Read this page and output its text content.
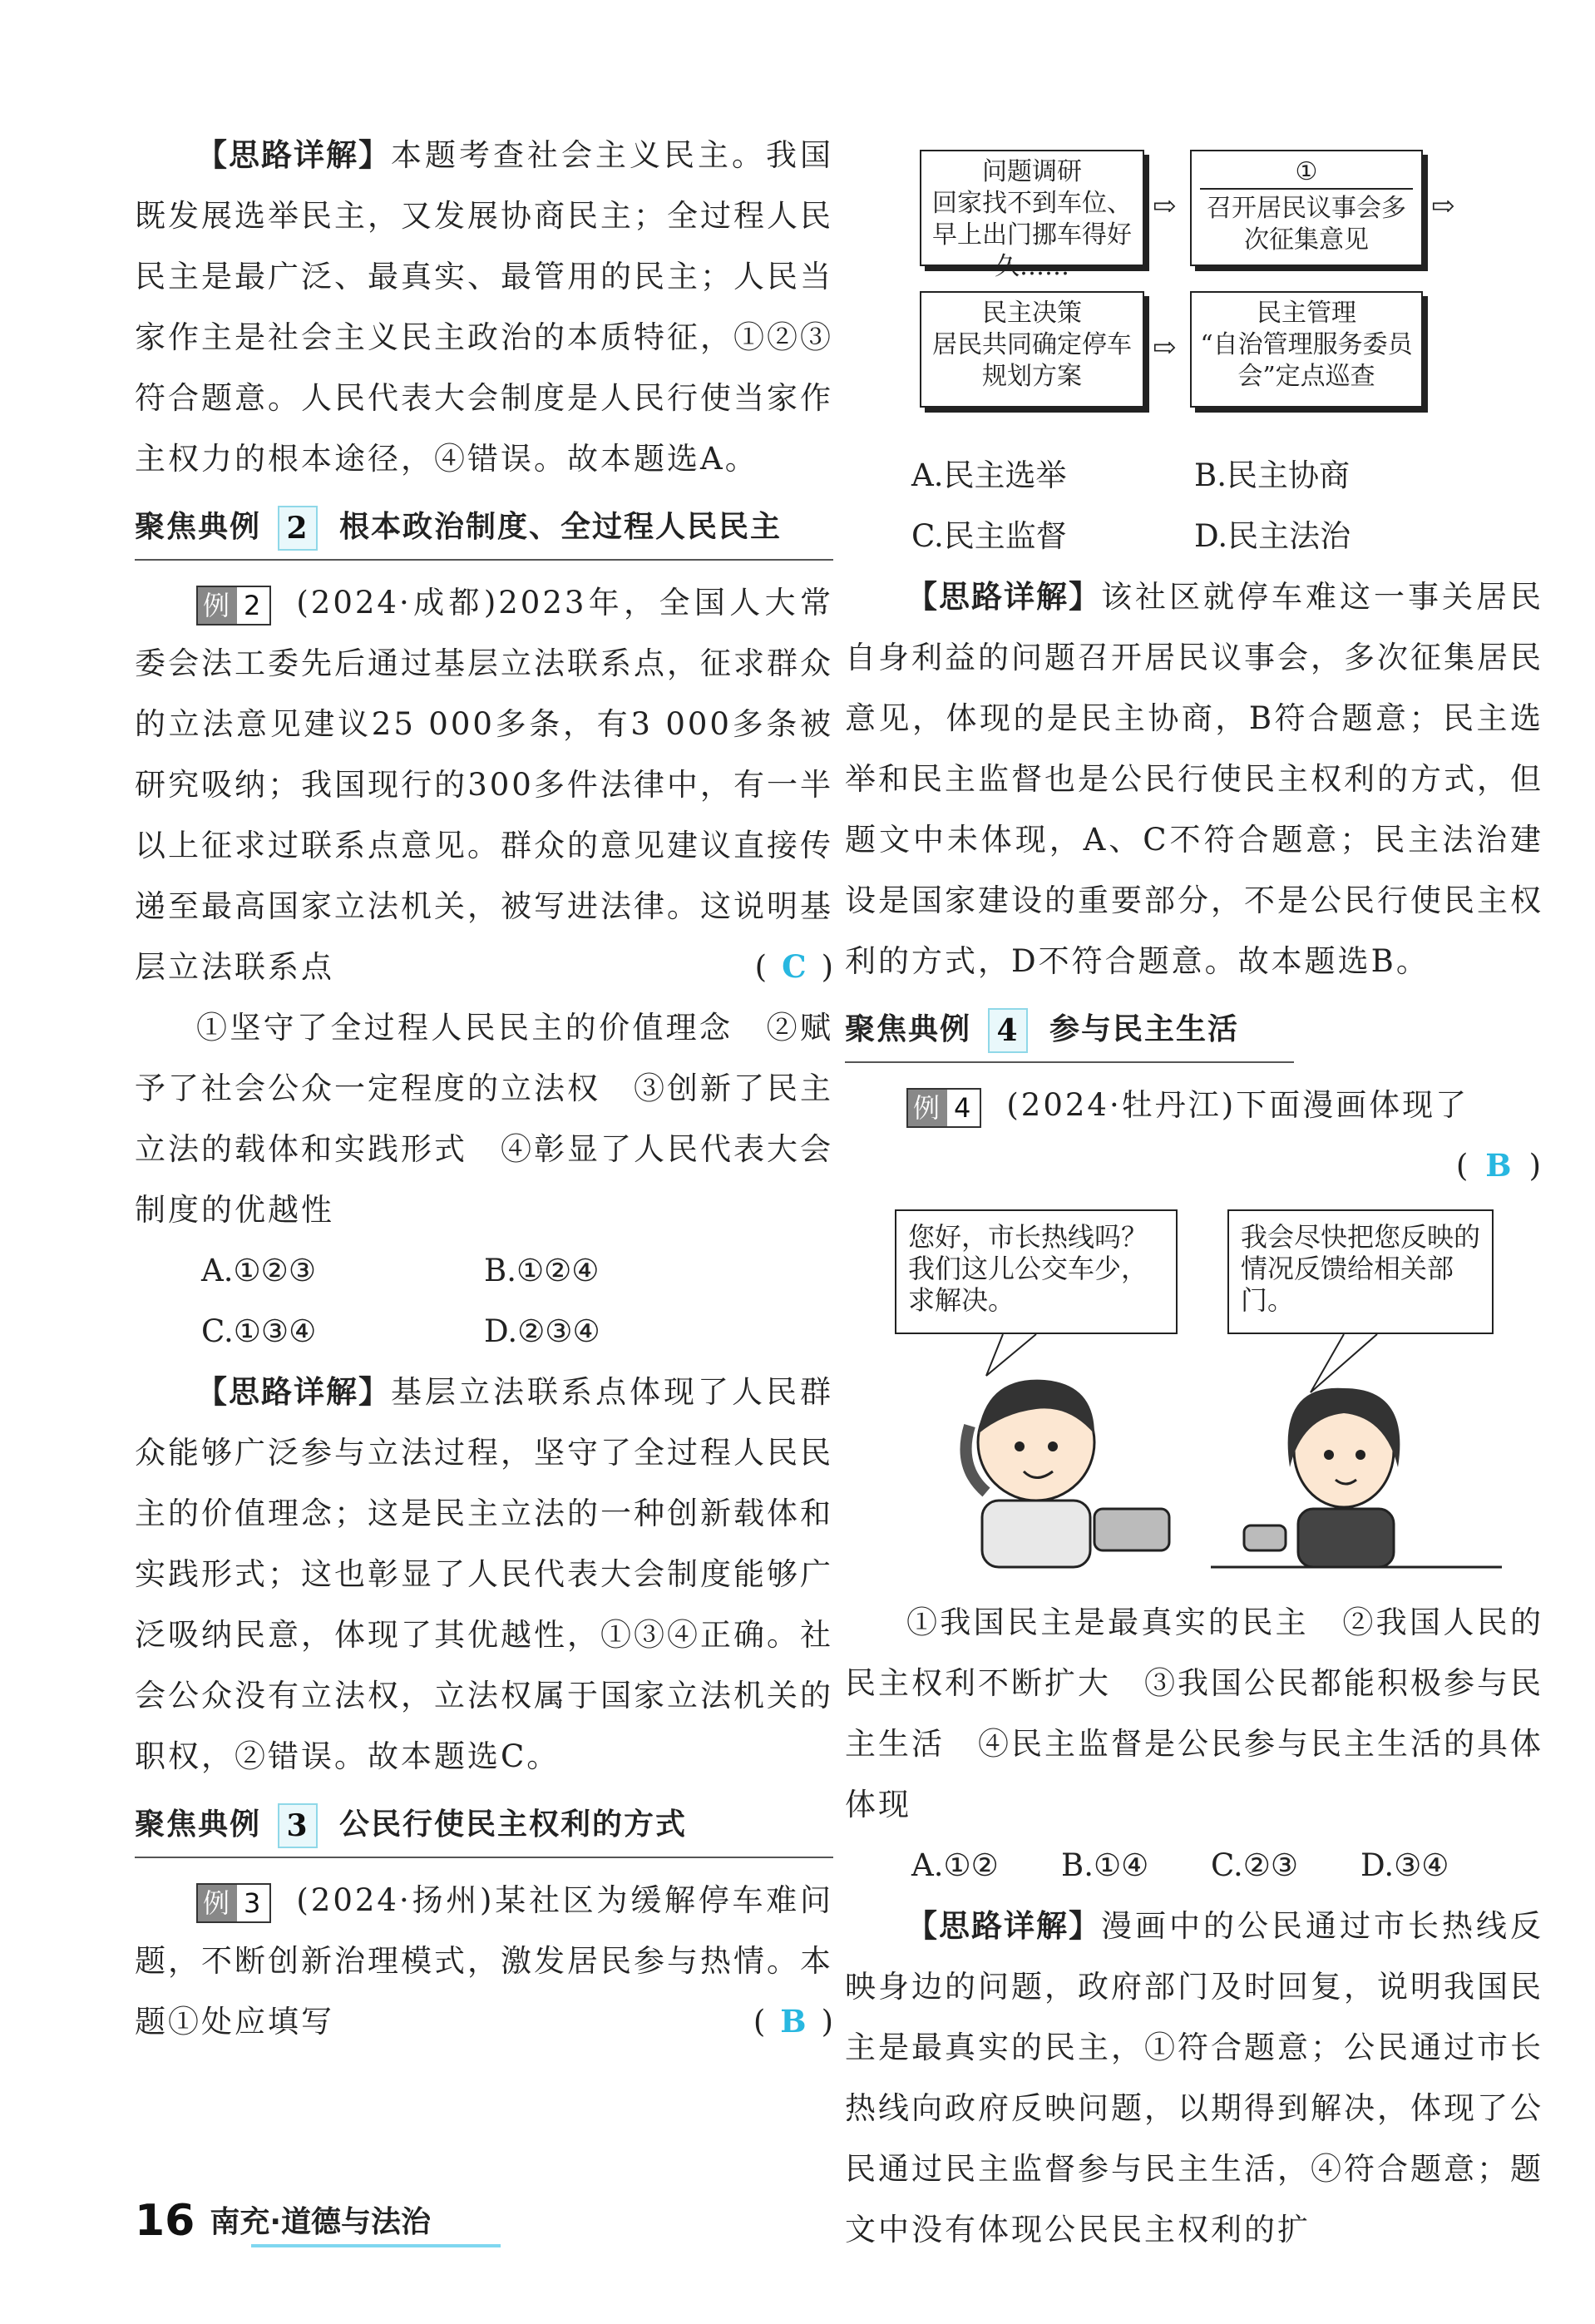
【思路详解】本题考查社会主义民主。我国既发展选举民主，又发展协商民主；全过程人民民主是最广泛、最真实、最管用的民主；人民当家作主是社会主义民主政治的本质特征，①②③符合题意。人民代表大会制度是人民行使当家作主权力的根本途径，④错误。故本题选A。

聚焦典例 2 根本政治制度、全过程人民民主

例 2 (2024·成都)2023年，全国人大常委会法工委先后通过基层立法联系点，征求群众的立法意见建议25 000多条，有3 000多条被研究吸纳；我国现行的300多件法律中，有一半以上征求过联系点意见。群众的意见建议直接传递至最高国家立法机关，被写进法律。这说明基层立法联系点	( C )

①坚守了全过程人民民主的价值理念　②赋予了社会公众一定程度的立法权　③创新了民主立法的载体和实践形式　④彰显了人民代表大会制度的优越性

A.①②③	B.①②④
C.①③④	D.②③④

【思路详解】基层立法联系点体现了人民群众能够广泛参与立法过程，坚守了全过程人民民主的价值理念；这是民主立法的一种创新载体和实践形式；这也彰显了人民代表大会制度能够广泛吸纳民意，体现了其优越性，①③④正确。社会公众没有立法权，立法权属于国家立法机关的职权，②错误。故本题选C。

聚焦典例 3 公民行使民主权利的方式

例 3 (2024·扬州)某社区为缓解停车难问题，不断创新治理模式，激发居民参与热情。本题①处应填写	( B )

问题调研
回家找不到车位、早上出门挪车得好久……
⇨
①
召开居民议事会多次征集意见
⇨
民主决策
居民共同确定停车规划方案
⇨
民主管理
“自治管理服务委员会”定点巡查
A.民主选举	B.民主协商
C.民主监督	D.民主法治

【思路详解】该社区就停车难这一事关居民自身利益的问题召开居民议事会，多次征集居民意见，体现的是民主协商，B符合题意；民主选举和民主监督也是公民行使民主权利的方式，但题文中未体现，A、C不符合题意；民主法治建设是国家建设的重要部分，不是公民行使民主权利的方式，D不符合题意。故本题选B。

聚焦典例 4 参与民主生活

例 4 (2024·牡丹江)下面漫画体现了

( B )

您好，市长热线吗？我们这儿公交车少，求解决。
我会尽快把您反映的情况反馈给相关部门。

①我国民主是最真实的民主　②我国人民的民主权利不断扩大　③我国公民都能积极参与民主生活　④民主监督是公民参与民主生活的具体体现

A.①②	B.①④	C.②③	D.③④

【思路详解】漫画中的公民通过市长热线反映身边的问题，政府部门及时回复，说明我国民主是最真实的民主，①符合题意；公民通过市长热线向政府反映问题，以期得到解决，体现了公民通过民主监督参与民主生活，④符合题意；题文中没有体现公民民主权利的扩

16 南充·道德与法治
